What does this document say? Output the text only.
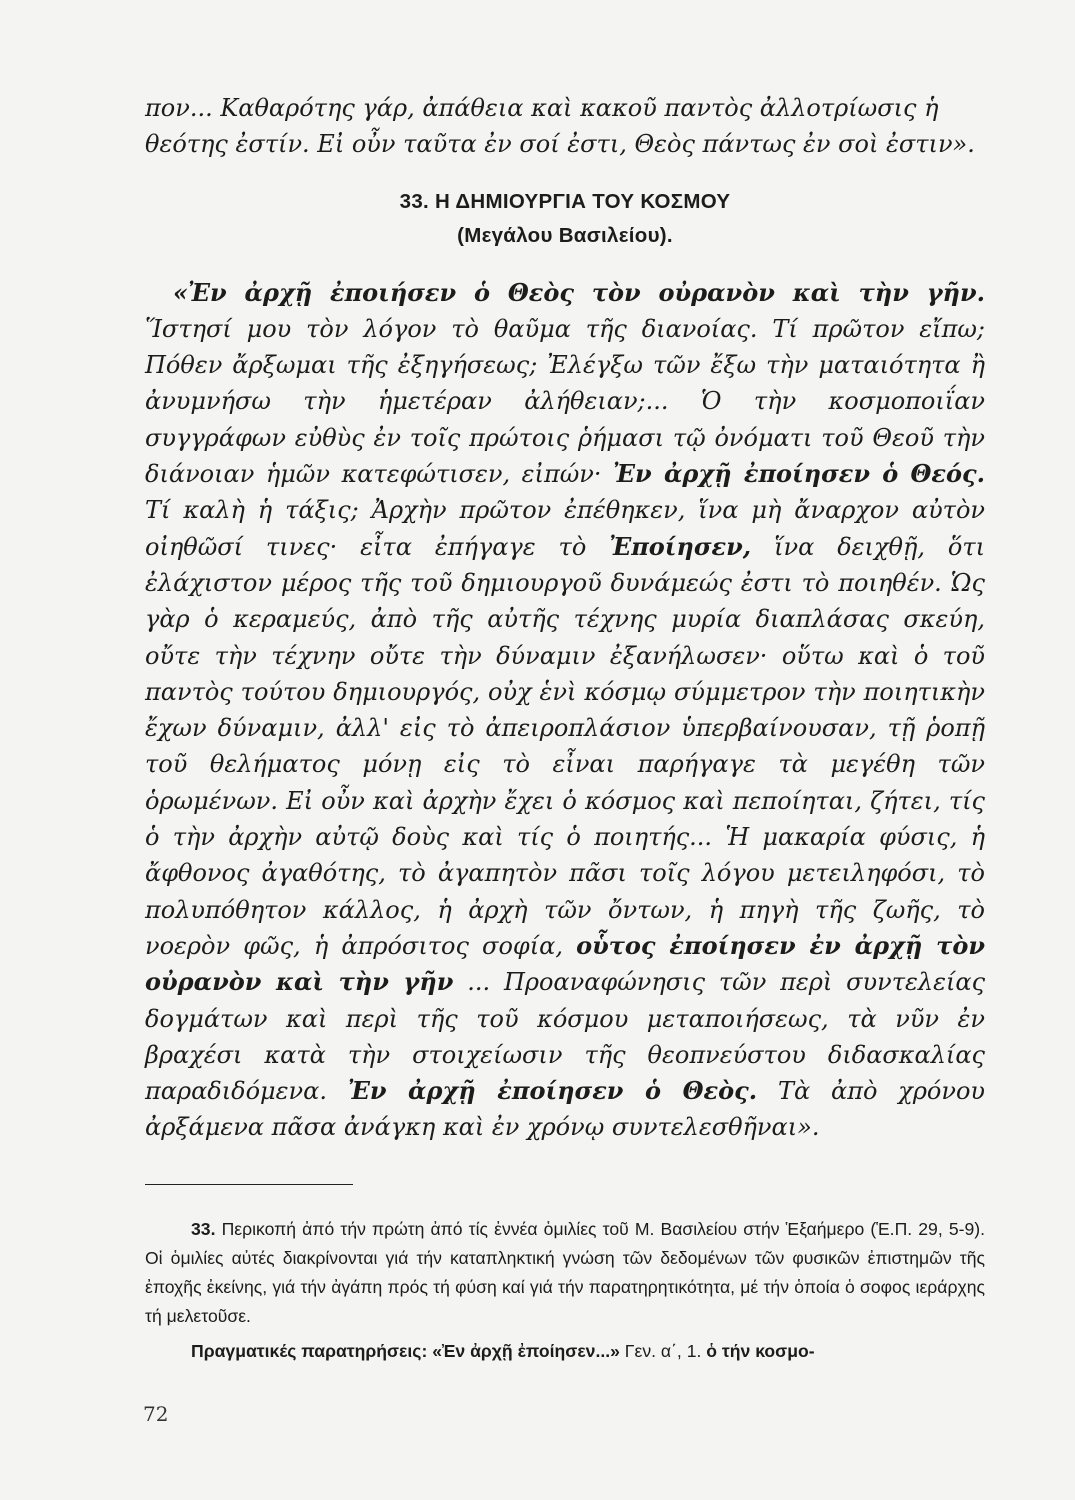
πον... Καθαρότης γάρ, ἀπάθεια καὶ κακοῦ παντὸς ἀλλοτρίωσις ἡ
θεότης ἐστίν. Εἰ οὖν ταῦτα ἐν σοί ἐστι, Θεὸς πάντως ἐν σοὶ ἐστιν».

33. Η ΔΗΜΙΟΥΡΓΙΑ ΤΟΥ ΚΟΣΜΟΥ

(Μεγάλου Βασιλείου).

«Ἐν ἀρχῇ ἐποιήσεν ὁ Θεὸς τὸν οὐρανὸν καὶ τὴν γῆν. Ἵστησί μου τὸν λόγον τὸ θαῦμα τῆς διανοίας. Τί πρῶτον εἴπω; Πόθεν ἄρξωμαι τῆς ἐξηγήσεως; Ἐλέγξω τῶν ἔξω τὴν ματαιότητα ἢ ἀνυμνήσω τὴν ἡμετέραν ἀλήθειαν;... Ὁ τὴν κοσμοποιΐαν συγγράφων εὐθὺς ἐν τοῖς πρώτοις ῥήμασι τῷ ὀνόματι τοῦ Θεοῦ τὴν διάνοιαν ἡμῶν κατεφώτισεν, εἰπών· Ἐν ἀρχῇ ἐποίησεν ὁ Θεός. Τί καλὴ ἡ τάξις; Ἀρχὴν πρῶτον ἐπέθηκεν, ἵνα μὴ ἄναρχον αὐτὸν οἰηθῶσί τινες· εἶτα ἐπήγαγε τὸ Ἐποίησεν, ἵνα δειχθῇ, ὅτι ἐλάχιστον μέρος τῆς τοῦ δημιουργοῦ δυνάμεώς ἐστι τὸ ποιηθέν. Ὡς γὰρ ὁ κεραμεύς, ἀπὸ τῆς αὐτῆς τέχνης μυρία διαπλάσας σκεύη, οὔτε τὴν τέχνην οὔτε τὴν δύναμιν ἐξανήλωσεν· οὕτω καὶ ὁ τοῦ παντὸς τούτου δημιουργός, οὐχ ἑνὶ κόσμῳ σύμμετρον τὴν ποιητικὴν ἔχων δύναμιν, ἀλλ' εἰς τὸ ἀπειροπλάσιον ὑπερβαίνουσαν, τῇ ῥοπῇ τοῦ θελήματος μόνῃ εἰς τὸ εἶναι παρήγαγε τὰ μεγέθη τῶν ὁρωμένων. Εἰ οὖν καὶ ἀρχὴν ἔχει ὁ κόσμος καὶ πεποίηται, ζήτει, τίς ὁ τὴν ἀρχὴν αὐτῷ δοὺς καὶ τίς ὁ ποιητής... Ἡ μακαρία φύσις, ἡ ἄφθονος ἀγαθότης, τὸ ἀγαπητὸν πᾶσι τοῖς λόγου μετειληφόσι, τὸ πολυπόθητον κάλλος, ἡ ἀρχὴ τῶν ὄντων, ἡ πηγὴ τῆς ζωῆς, τὸ νοερὸν φῶς, ἡ ἀπρόσιτος σοφία, οὗτος ἐποίησεν ἐν ἀρχῇ τὸν οὐρανὸν καὶ τὴν γῆν ... Προαναφώνησις τῶν περὶ συντελείας δογμάτων καὶ περὶ τῆς τοῦ κόσμου μεταποιήσεως, τὰ νῦν ἐν βραχέσι κατὰ τὴν στοιχείωσιν τῆς θεοπνεύστου διδασκαλίας παραδιδόμενα. Ἐν ἀρχῇ ἐποίησεν ὁ Θεὸς. Τὰ ἀπὸ χρόνου ἀρξάμενα πᾶσα ἀνάγκη καὶ ἐν χρόνῳ συντελεσθῆναι».

33. Περικοπή ἀπό τήν πρώτη ἀπό τίς ἐννέα ὁμιλίες τοῦ Μ. Βασιλείου στήν Ἑξαήμερο (Ἑ.Π. 29, 5-9). Οἱ ὁμιλίες αὐτές διακρίνονται γιά τήν καταπληκτική γνώση τῶν δεδομένων τῶν φυσικῶν ἐπιστημῶν τῆς ἐποχῆς ἐκείνης, γιά τήν ἀγάπη πρός τή φύση καί γιά τήν παρατηρητικότητα, μέ τήν ὁποία ὁ σοφος ιεράρχης τή μελετοῦσε.

Πραγματικές παρατηρήσεις: «Ἐν ἀρχῇ ἐποίησεν...» Γεν. α΄, 1. ὁ τήν κοσμο-

72
